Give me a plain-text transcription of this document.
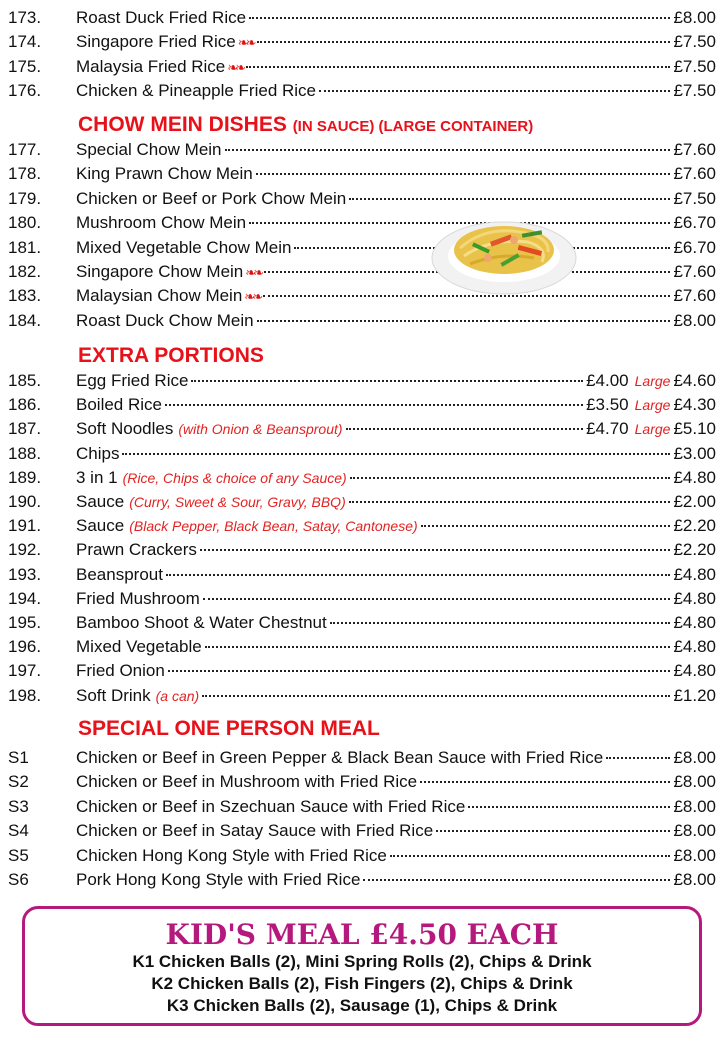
173. Roast Duck Fried Rice	£8.00
174. Singapore Fried Rice ❧❧	£7.50
175. Malaysia Fried Rice ❧❧	£7.50
176. Chicken & Pineapple Fried Rice	£7.50
CHOW MEIN DISHES (IN SAUCE) (LARGE CONTAINER)
177. Special Chow Mein	£7.60
178. King Prawn Chow Mein	£7.60
179. Chicken or Beef or Pork Chow Mein	£7.50
180. Mushroom Chow Mein	£6.70
181. Mixed Vegetable Chow Mein	£6.70
182. Singapore Chow Mein ❧❧	£7.60
183. Malaysian Chow Mein ❧❧	£7.60
184. Roast Duck Chow Mein	£8.00
EXTRA PORTIONS
185. Egg Fried Rice	£4.00 Large £4.60
186. Boiled Rice	£3.50 Large £4.30
187. Soft Noodles (with Onion & Beansprout)	£4.70 Large £5.10
188. Chips	£3.00
189. 3 in 1 (Rice, Chips & choice of any Sauce)	£4.80
190. Sauce (Curry, Sweet & Sour, Gravy, BBQ)	£2.00
191. Sauce (Black Pepper, Black Bean, Satay, Cantonese)	£2.20
192. Prawn Crackers	£2.20
193. Beansprout	£4.80
194. Fried Mushroom	£4.80
195. Bamboo Shoot & Water Chestnut	£4.80
196. Mixed Vegetable	£4.80
197. Fried Onion	£4.80
198. Soft Drink (a can)	£1.20
SPECIAL ONE PERSON MEAL
S1	Chicken or Beef in Green Pepper & Black Bean Sauce with Fried Rice	£8.00
S2	Chicken or Beef in Mushroom with Fried Rice	£8.00
S3	Chicken or Beef in Szechuan Sauce with Fried Rice	£8.00
S4	Chicken or Beef in Satay Sauce with Fried Rice	£8.00
S5	Chicken Hong Kong Style with Fried Rice	£8.00
S6	Pork Hong Kong Style with Fried Rice	£8.00
KID'S MEAL £4.50 EACH
K1 Chicken Balls (2), Mini Spring Rolls (2), Chips & Drink
K2 Chicken Balls (2), Fish Fingers (2), Chips & Drink
K3 Chicken Balls (2), Sausage (1), Chips & Drink
